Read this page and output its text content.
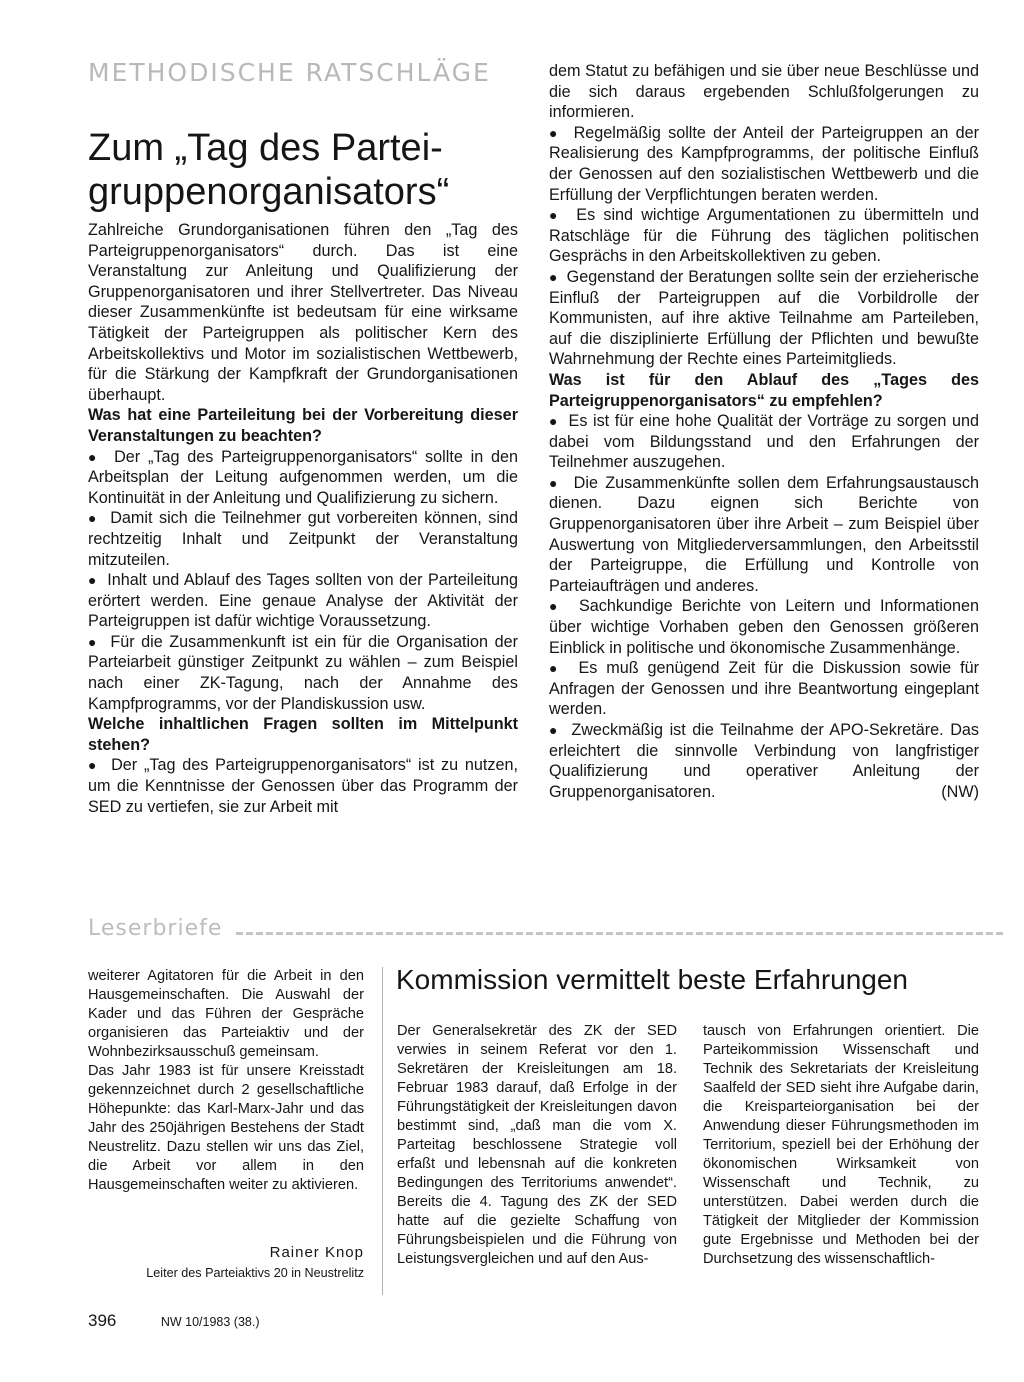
METHODISCHE RATSCHLÄGE
Zum „Tag des Parteigruppenorganisators“

Zahlreiche Grundorganisationen führen den „Tag des Parteigruppenorganisators“ durch. Das ist eine Veranstaltung zur Anleitung und Qualifizierung der Gruppenorganisatoren und ihrer Stellvertreter. Das Niveau dieser Zusammenkünfte ist bedeutsam für eine wirksame Tätigkeit der Parteigruppen als politischer Kern des Arbeitskollektivs und Motor im sozialistischen Wettbewerb, für die Stärkung der Kampfkraft der Grundorganisationen überhaupt.

Was hat eine Parteileitung bei der Vorbereitung dieser Veranstaltungen zu beachten?

●  Der „Tag des Parteigruppenorganisators“ sollte in den Arbeitsplan der Leitung aufgenommen werden, um die Kontinuität in der Anleitung und Qualifizierung zu sichern.

●  Damit sich die Teilnehmer gut vorbereiten können, sind rechtzeitig Inhalt und Zeitpunkt der Veranstaltung mitzuteilen.

●  Inhalt und Ablauf des Tages sollten von der Parteileitung erörtert werden. Eine genaue Analyse der Aktivität der Parteigruppen ist dafür wichtige Voraussetzung.

●  Für die Zusammenkunft ist ein für die Organisation der Parteiarbeit günstiger Zeitpunkt zu wählen – zum Beispiel nach einer ZK-Tagung, nach der Annahme des Kampfprogramms, vor der Plandiskussion usw.

Welche inhaltlichen Fragen sollten im Mittelpunkt stehen?

●  Der „Tag des Parteigruppenorganisators“ ist zu nutzen, um die Kenntnisse der Genossen über das Programm der SED zu vertiefen, sie zur Arbeit mit

dem Statut zu befähigen und sie über neue Beschlüsse und die sich daraus ergebenden Schlußfolgerungen zu informieren.

●  Regelmäßig sollte der Anteil der Parteigruppen an der Realisierung des Kampfprogramms, der politische Einfluß der Genossen auf den sozialistischen Wettbewerb und die Erfüllung der Verpflichtungen beraten werden.

●  Es sind wichtige Argumentationen zu übermitteln und Ratschläge für die Führung des täglichen politischen Gesprächs in den Arbeitskollektiven zu geben.

●  Gegenstand der Beratungen sollte sein der erzieherische Einfluß der Parteigruppen auf die Vorbildrolle der Kommunisten, auf ihre aktive Teilnahme am Parteileben, auf die disziplinierte Erfüllung der Pflichten und bewußte Wahrnehmung der Rechte eines Parteimitglieds.

Was ist für den Ablauf des „Tages des Parteigruppenorganisators“ zu empfehlen?

●  Es ist für eine hohe Qualität der Vorträge zu sorgen und dabei vom Bildungsstand und den Erfahrungen der Teilnehmer auszugehen.

●  Die Zusammenkünfte sollen dem Erfahrungsaustausch dienen. Dazu eignen sich Berichte von Gruppenorganisatoren über ihre Arbeit – zum Beispiel über Auswertung von Mitgliederversammlungen, den Arbeitsstil der Parteigruppe, die Erfüllung und Kontrolle von Parteiaufträgen und anderes.

●  Sachkundige Berichte von Leitern und Informationen über wichtige Vorhaben geben den Genossen größeren Einblick in politische und ökonomische Zusammenhänge.

●  Es muß genügend Zeit für die Diskussion sowie für Anfragen der Genossen und ihre Beantwortung eingeplant werden.

●  Zweckmäßig ist die Teilnahme der APO-Sekretäre. Das erleichtert die sinnvolle Verbindung von langfristiger Qualifizierung und operativer Anleitung der Gruppenorganisatoren.	(NW)

Leserbriefe

weiterer Agitatoren für die Arbeit in den Hausgemeinschaften. Die Auswahl der Kader und das Führen der Gespräche organisieren das Parteiaktiv und der Wohnbezirksausschuß gemeinsam.

Das Jahr 1983 ist für unsere Kreisstadt gekennzeichnet durch 2 gesellschaftliche Höhepunkte: das Karl-Marx-Jahr und das Jahr des 250jährigen Bestehens der Stadt Neustrelitz. Dazu stellen wir uns das Ziel, die Arbeit vor allem in den Hausgemeinschaften weiter zu aktivieren.

Rainer Knop
Leiter des Parteiaktivs 20 in Neustrelitz
Kommission vermittelt beste Erfahrungen

Der Generalsekretär des ZK der SED verwies in seinem Referat vor den 1. Sekretären der Kreisleitungen am 18. Februar 1983 darauf, daß Erfolge in der Führungstätigkeit der Kreisleitungen davon bestimmt sind, „daß man die vom X. Parteitag beschlossene Strategie voll erfaßt und lebensnah auf die konkreten Bedingungen des Territoriums anwendet“. Bereits die 4. Tagung des ZK der SED hatte auf die gezielte Schaffung von Führungsbeispielen und die Führung von Leistungsvergleichen und auf den Aus-

tausch von Erfahrungen orientiert. Die Parteikommission Wissenschaft und Technik des Sekretariats der Kreisleitung Saalfeld der SED sieht ihre Aufgabe darin, die Kreisparteiorganisation bei der Anwendung dieser Führungsmethoden im Territorium, speziell bei der Erhöhung der ökonomischen Wirksamkeit von Wissenschaft und Technik, zu unterstützen. Dabei werden durch die Tätigkeit der Mitglieder der Kommission gute Ergebnisse und Methoden bei der Durchsetzung des wissenschaftlich-

396	NW 10/1983 (38.)
